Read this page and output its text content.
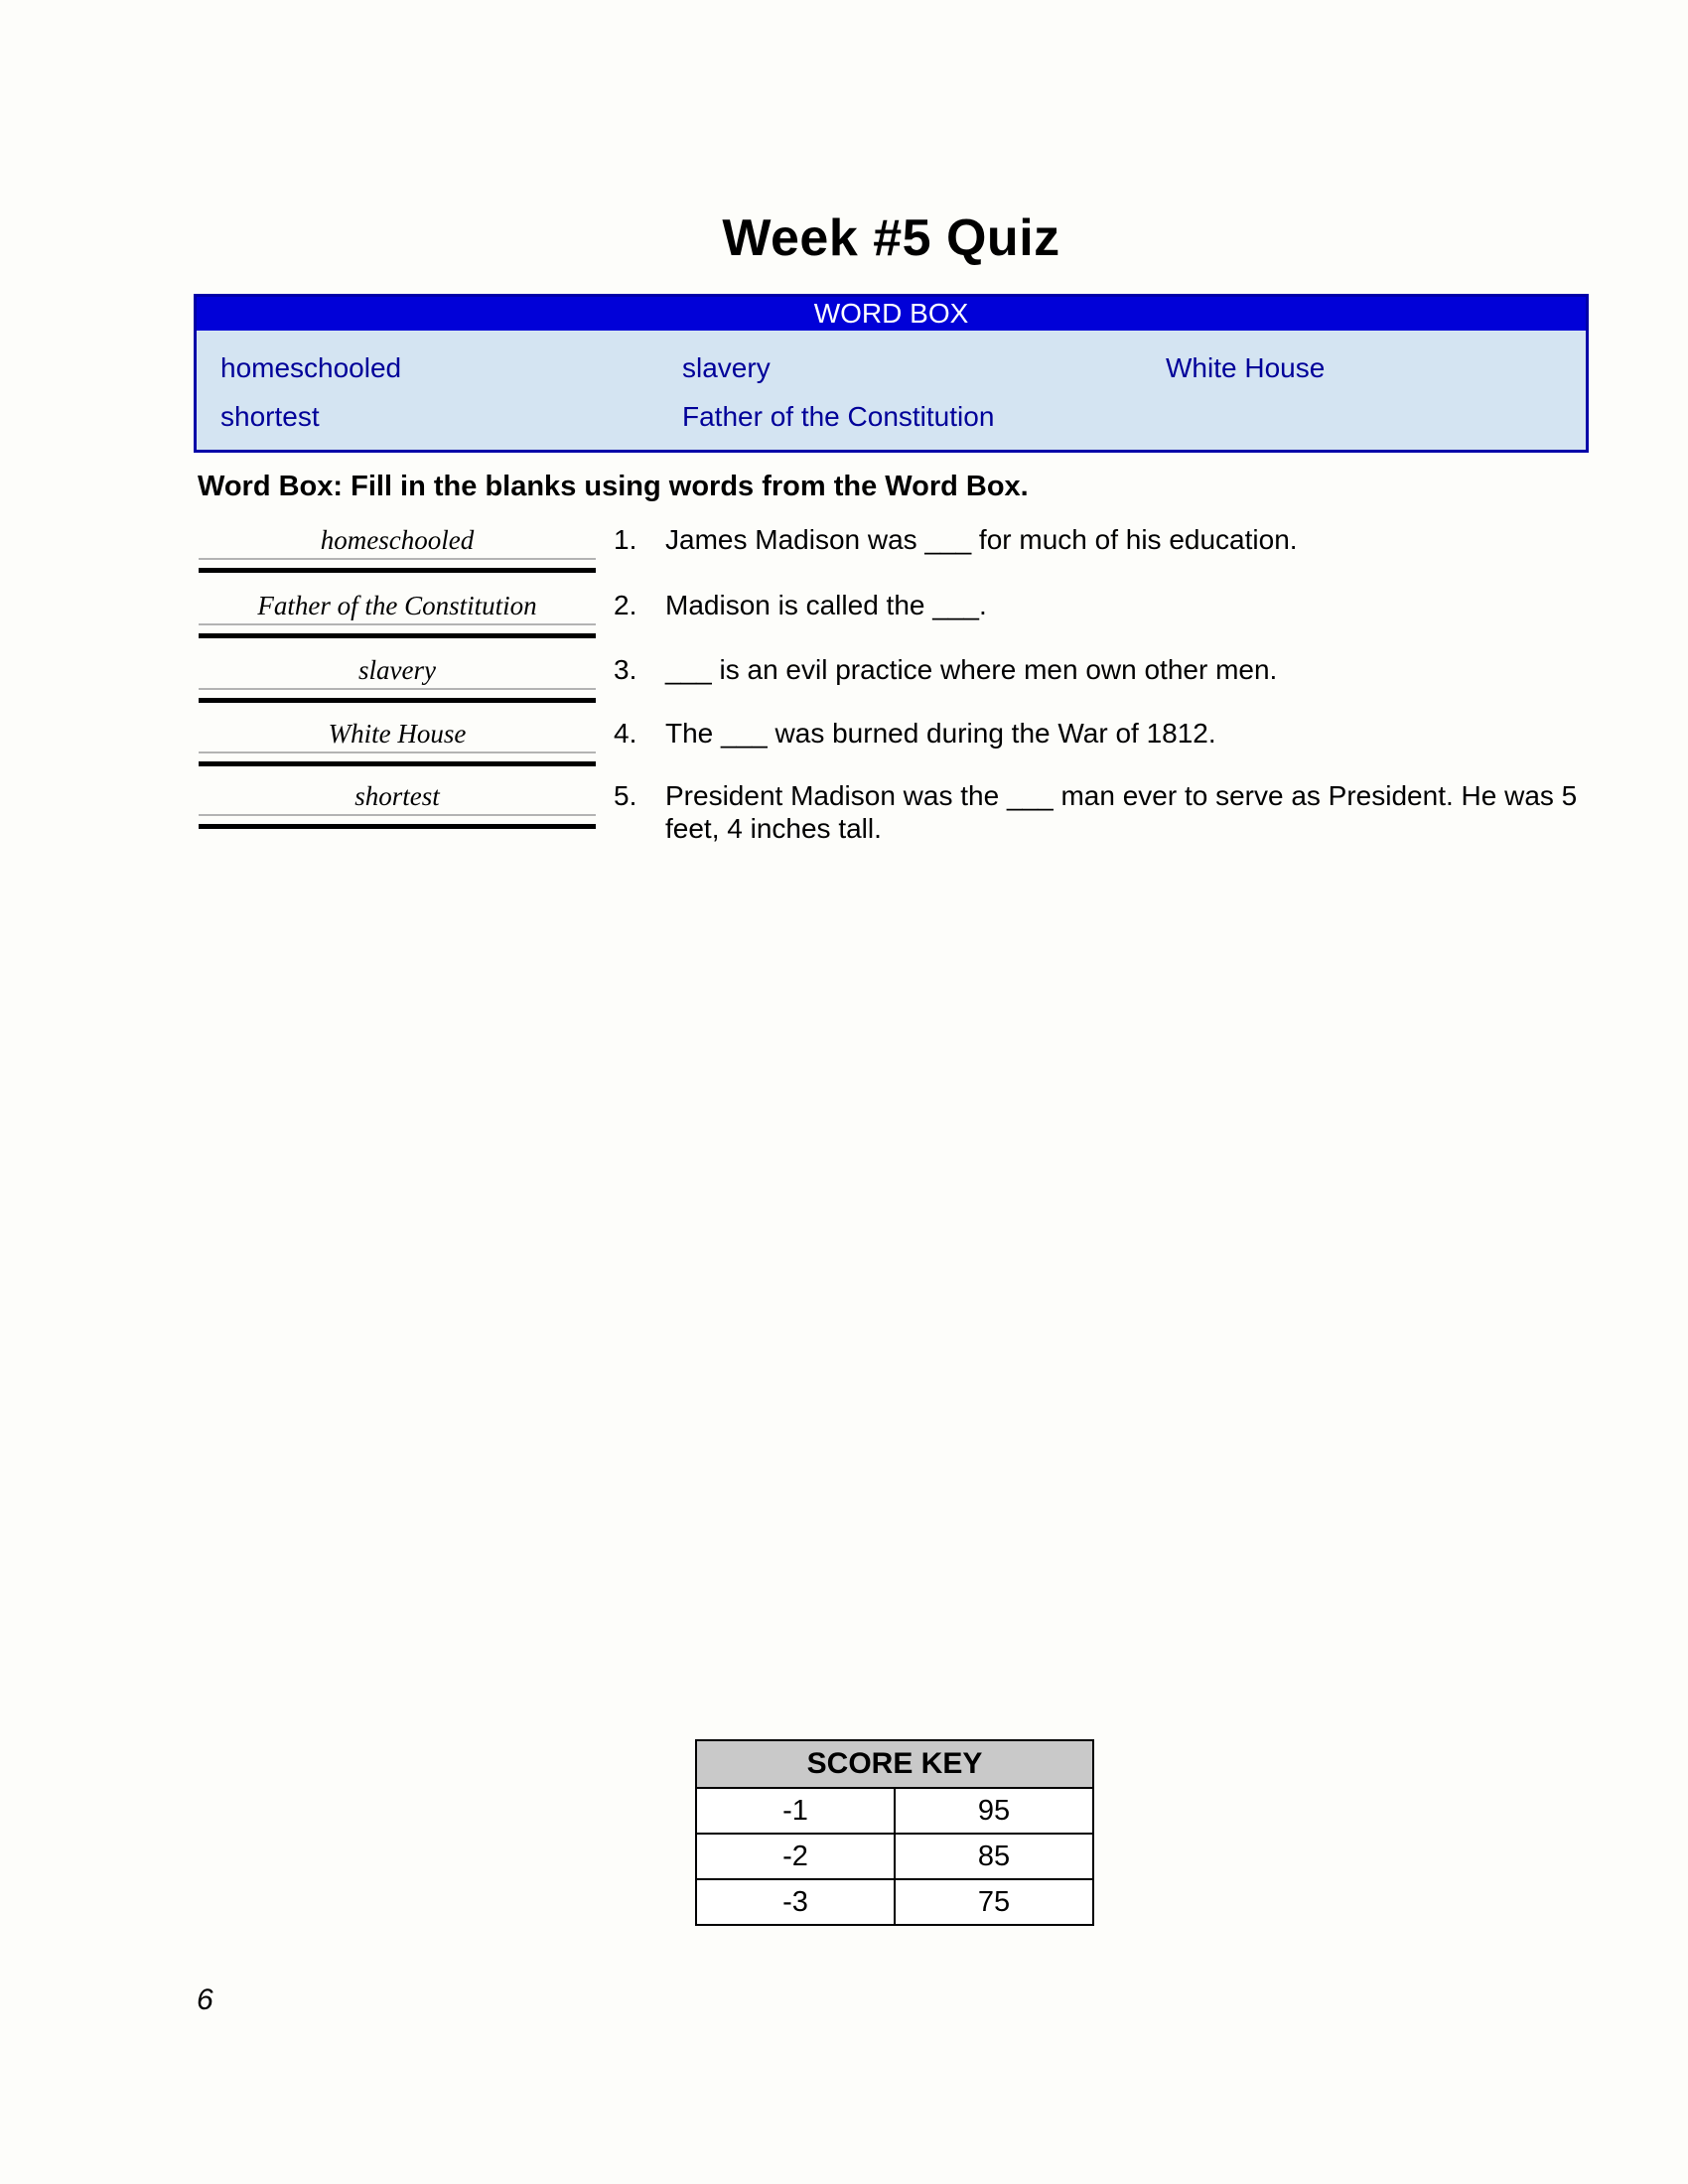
Week #5 Quiz
WORD BOX
homeschooled	slavery	White House
shortest	Father of the Constitution
Word Box: Fill in the blanks using words from the Word Box.
homeschooled	1.	James Madison was ___ for much of his education.
Father of the Constitution	2.	Madison is called the ___.
slavery	3.	___ is an evil practice where men own other men.
White House	4.	The ___ was burned during the War of 1812.
shortest	5.	President Madison was the ___ man ever to serve as President. He was 5 feet, 4 inches tall.
SCORE KEY	
-1	95
-2	85
-3	75
6
